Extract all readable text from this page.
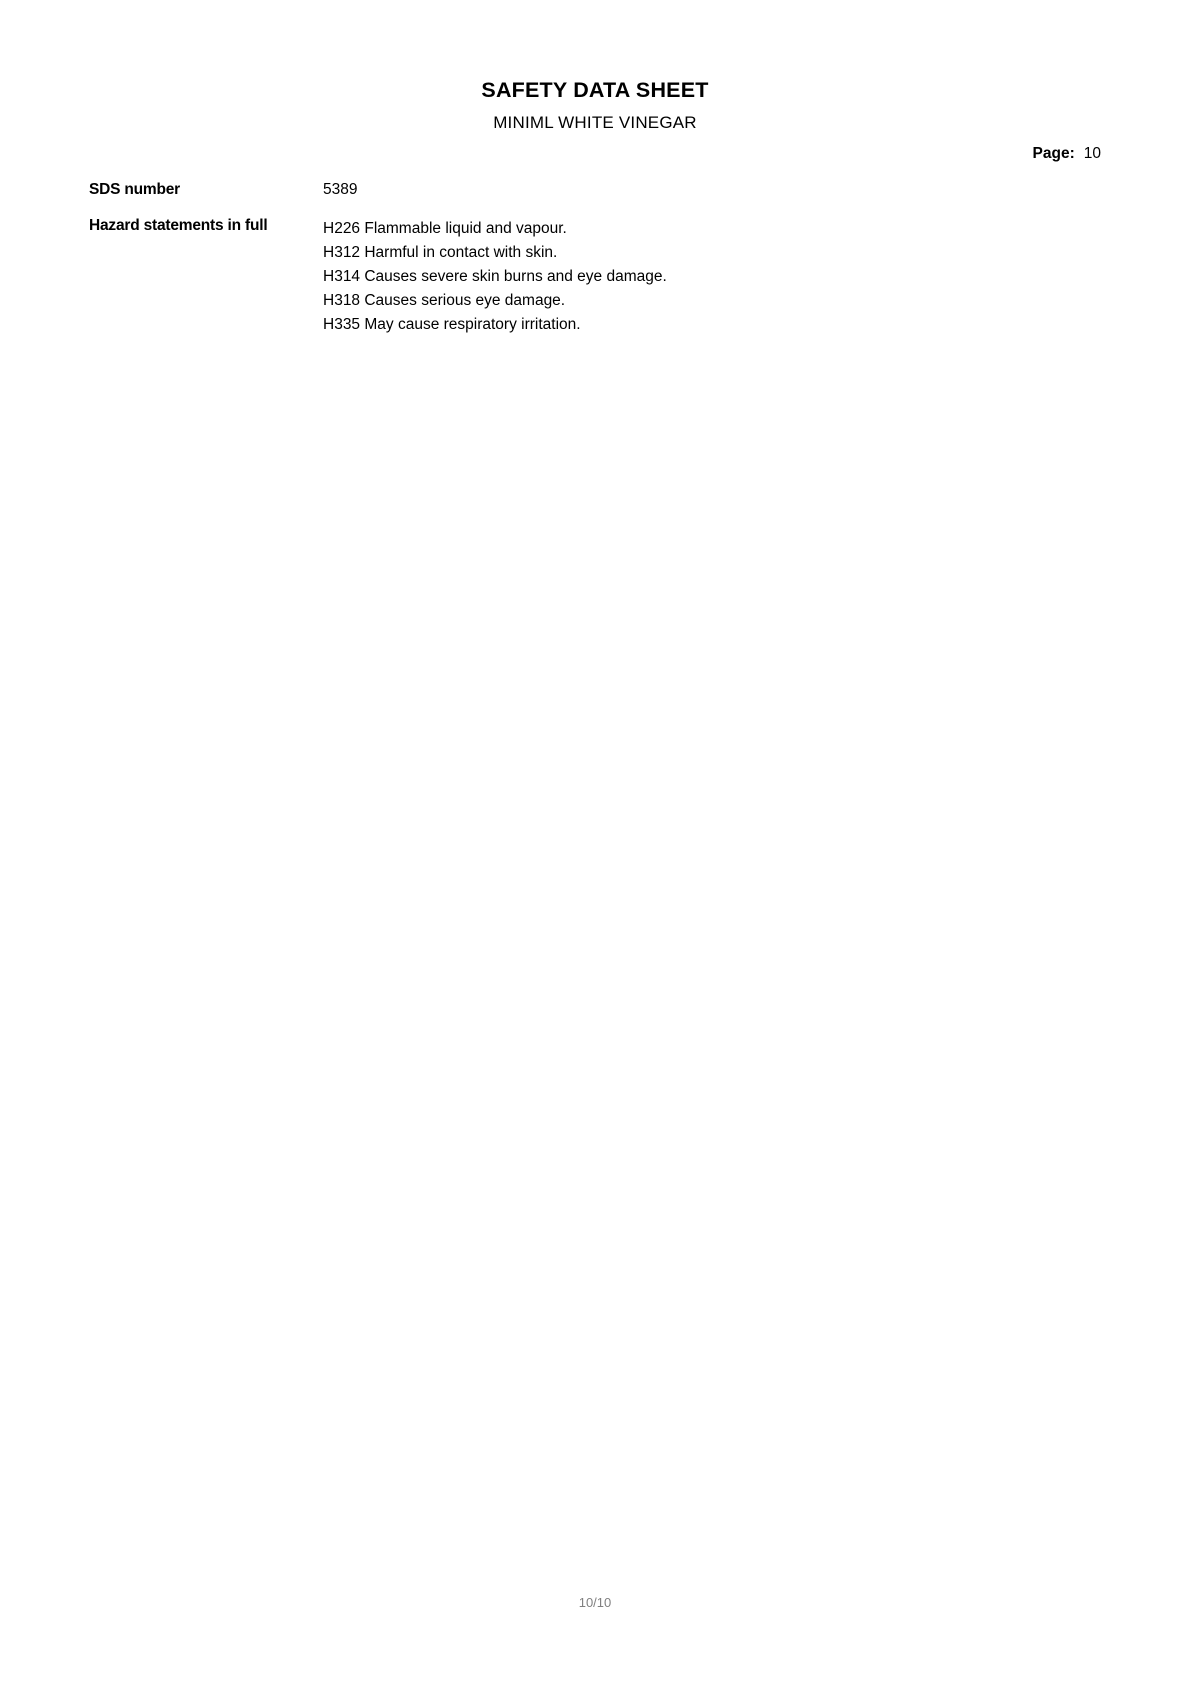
SAFETY DATA SHEET
MINIML WHITE VINEGAR
Page: 10
SDS number	5389
Hazard statements in full	H226 Flammable liquid and vapour.
H312 Harmful in contact with skin.
H314 Causes severe skin burns and eye damage.
H318 Causes serious eye damage.
H335 May cause respiratory irritation.
10/10
